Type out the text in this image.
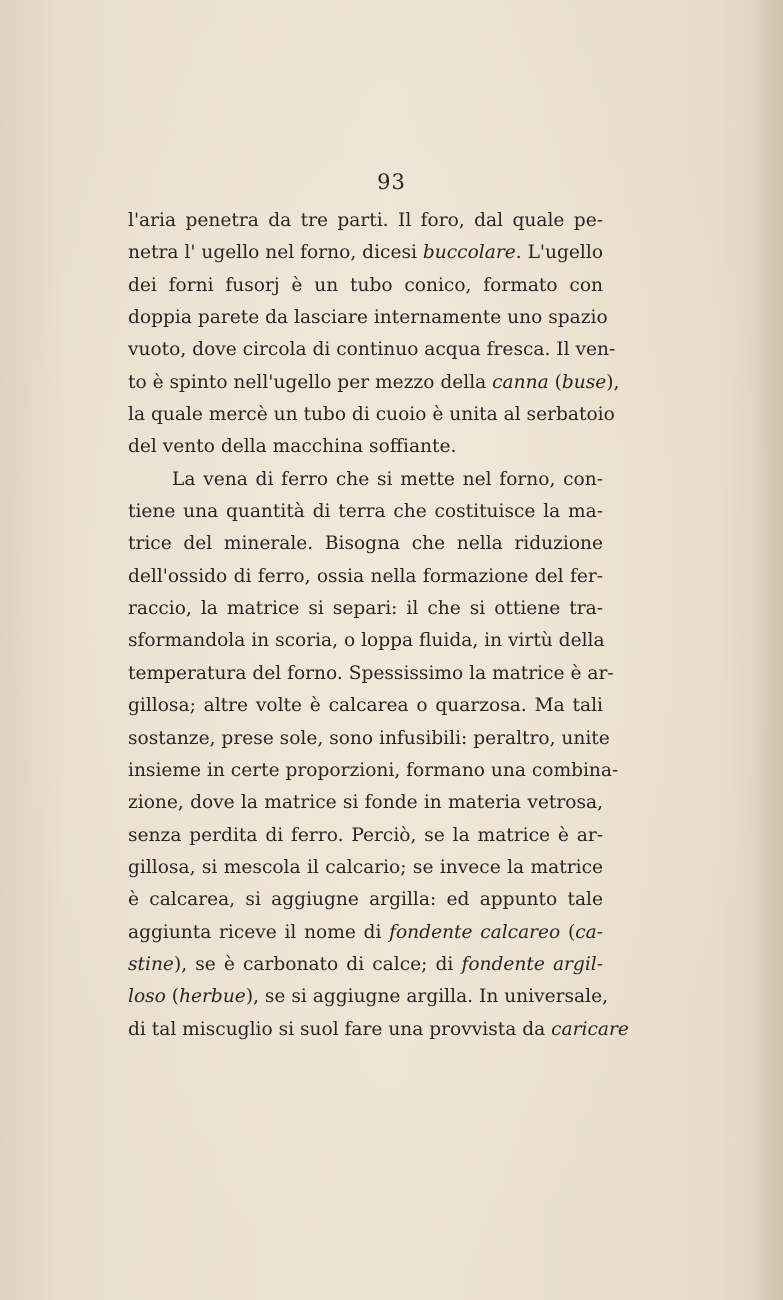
93
l'aria penetra da tre parti. Il foro, dal quale pe-
netra l' ugello nel forno, dicesi buccolare. L'ugello
dei forni fusorj è un tubo conico, formato con
doppia parete da lasciare internamente uno spazio
vuoto, dove circola di continuo acqua fresca. Il ven-
to è spinto nell'ugello per mezzo della canna (buse),
la quale mercè un tubo di cuoio è unita al serbatoio
del vento della macchina soffiante.
La vena di ferro che si mette nel forno, con-
tiene una quantità di terra che costituisce la ma-
trice del minerale. Bisogna che nella riduzione
dell'ossido di ferro, ossia nella formazione del fer-
raccio, la matrice si separi: il che si ottiene tra-
sformandola in scoria, o loppa fluida, in virtù della
temperatura del forno. Spessissimo la matrice è ar-
gillosa; altre volte è calcarea o quarzosa. Ma tali
sostanze, prese sole, sono infusibili: peraltro, unite
insieme in certe proporzioni, formano una combina-
zione, dove la matrice si fonde in materia vetrosa,
senza perdita di ferro. Perciò, se la matrice è ar-
gillosa, si mescola il calcario; se invece la matrice
è calcarea, si aggiugne argilla: ed appunto tale
aggiunta riceve il nome di fondente calcareo (ca-
stine), se è carbonato di calce; di fondente argil-
loso (herbue), se si aggiugne argilla. In universale,
di tal miscuglio si suol fare una provvista da caricare
